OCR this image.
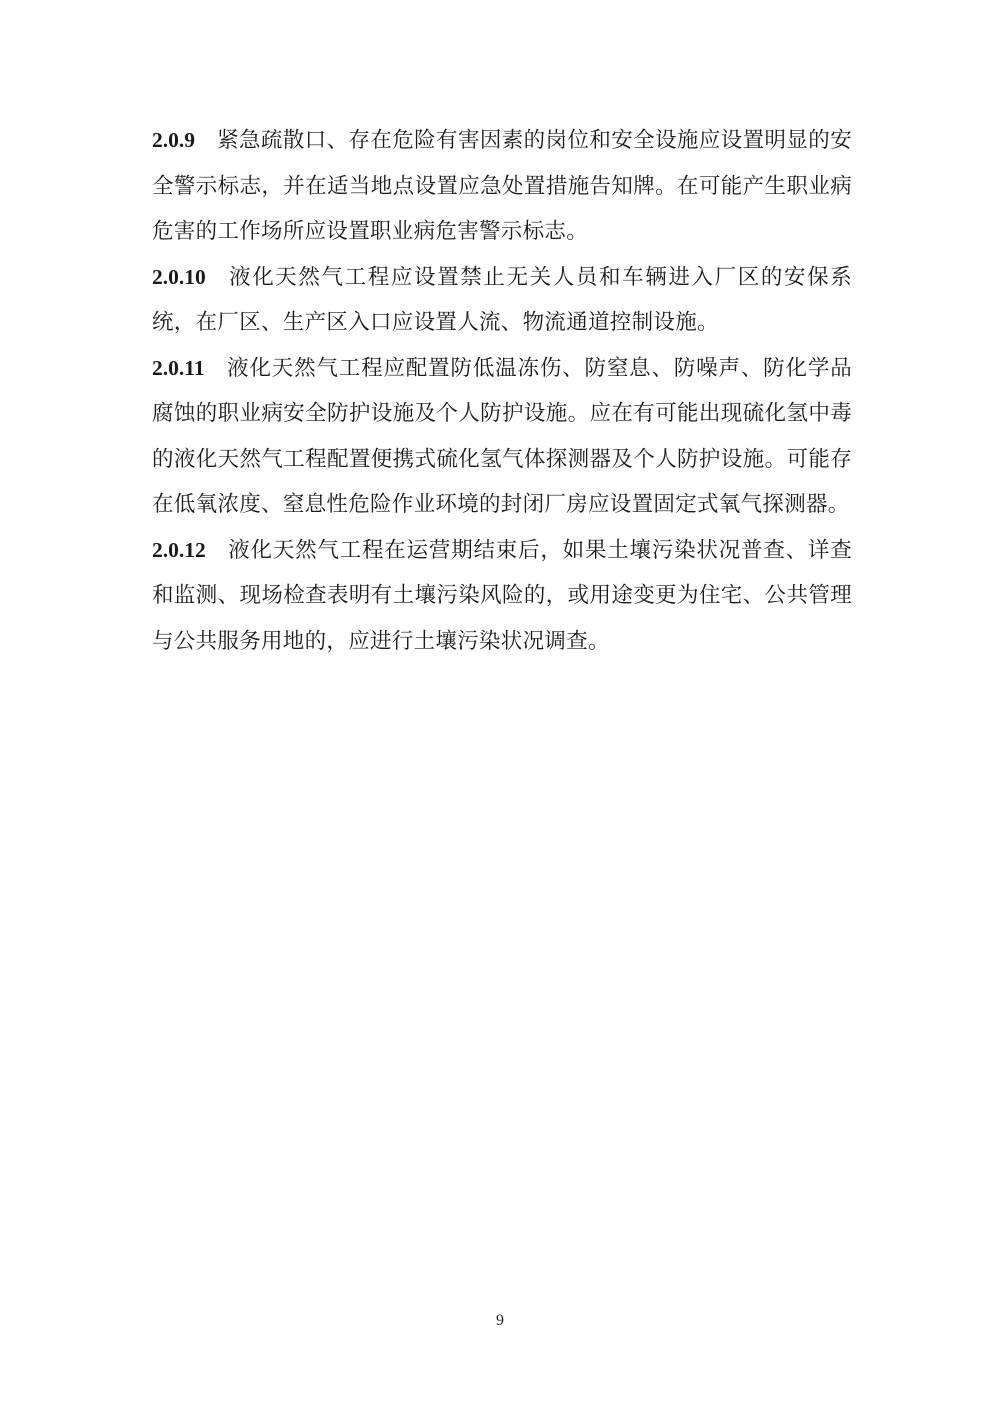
2.0.9 紧急疏散口、存在危险有害因素的岗位和安全设施应设置明显的安全警示标志，并在适当地点设置应急处置措施告知牌。在可能产生职业病危害的工作场所应设置职业病危害警示标志。

2.0.10 液化天然气工程应设置禁止无关人员和车辆进入厂区的安保系统，在厂区、生产区入口应设置人流、物流通道控制设施。

2.0.11 液化天然气工程应配置防低温冻伤、防窒息、防噪声、防化学品腐蚀的职业病安全防护设施及个人防护设施。应在有可能出现硫化氢中毒的液化天然气工程配置便携式硫化氢气体探测器及个人防护设施。可能存在低氧浓度、窒息性危险作业环境的封闭厂房应设置固定式氧气探测器。

2.0.12 液化天然气工程在运营期结束后，如果土壤污染状况普查、详查和监测、现场检查表明有土壤污染风险的，或用途变更为住宅、公共管理与公共服务用地的，应进行土壤污染状况调查。

9
